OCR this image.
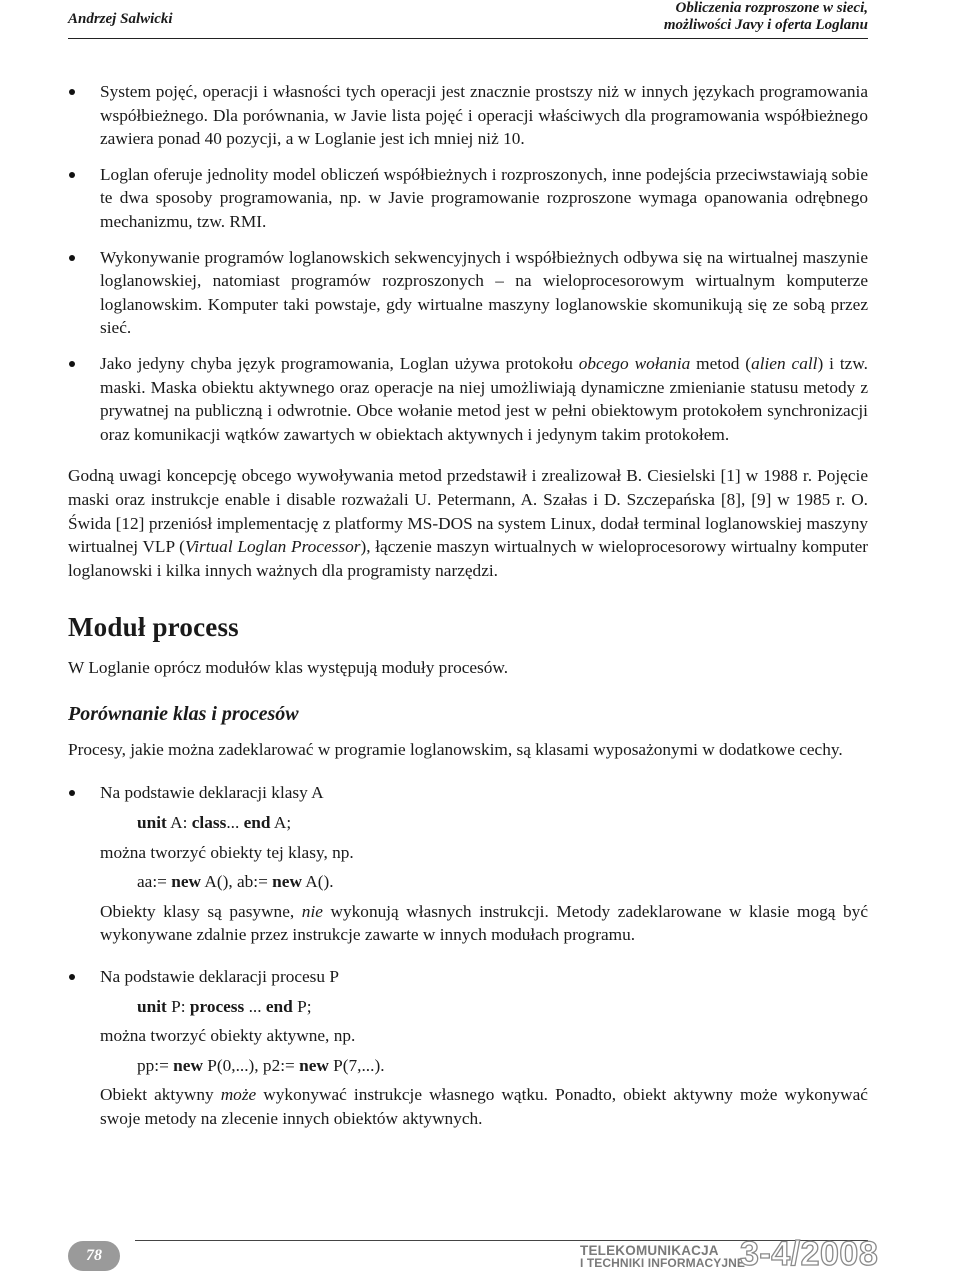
Andrzej Salwicki
Obliczenia rozproszone w sieci,
możliwości Javy i oferta Loglanu
System pojęć, operacji i własności tych operacji jest znacznie prostszy niż w innych językach programowania współbieżnego. Dla porównania, w Javie lista pojęć i operacji właściwych dla programowania współbieżnego zawiera ponad 40 pozycji, a w Loglanie jest ich mniej niż 10.
Loglan oferuje jednolity model obliczeń współbieżnych i rozproszonych, inne podejścia przeciwstawiają sobie te dwa sposoby programowania, np. w Javie programowanie rozproszone wymaga opanowania odrębnego mechanizmu, tzw. RMI.
Wykonywanie programów loglanowskich sekwencyjnych i współbieżnych odbywa się na wirtualnej maszynie loglanowskiej, natomiast programów rozproszonych – na wieloprocesorowym wirtualnym komputerze loglanowskim. Komputer taki powstaje, gdy wirtualne maszyny loglanowskie skomunikują się ze sobą przez sieć.
Jako jedyny chyba język programowania, Loglan używa protokołu obcego wołania metod (alien call) i tzw. maski. Maska obiektu aktywnego oraz operacje na niej umożliwiają dynamiczne zmienianie statusu metody z prywatnej na publiczną i odwrotnie. Obce wołanie metod jest w pełni obiektowym protokołem synchronizacji oraz komunikacji wątków zawartych w obiektach aktywnych i jedynym takim protokołem.

Godną uwagi koncepcję obcego wywoływania metod przedstawił i zrealizował B. Ciesielski [1] w 1988 r. Pojęcie maski oraz instrukcje enable i disable rozważali U. Petermann, A. Szałas i D. Szczepańska [8], [9] w 1985 r. O. Świda [12] przeniósł implementację z platformy MS-DOS na system Linux, dodał terminal loglanowskiej maszyny wirtualnej VLP (Virtual Loglan Processor), łączenie maszyn wirtualnych w wieloprocesorowy wirtualny komputer loglanowski i kilka innych ważnych dla programisty narzędzi.

Moduł process

W Loglanie oprócz modułów klas występują moduły procesów.

Porównanie klas i procesów

Procesy, jakie można zadeklarować w programie loglanowskim, są klasami wyposażonymi w dodatkowe cechy.

Na podstawie deklaracji klasy A

unit A: class... end A;

można tworzyć obiekty tej klasy, np.

aa:= new A(), ab:= new A().

Obiekty klasy są pasywne, nie wykonują własnych instrukcji. Metody zadeklarowane w klasie mogą być wykonywane zdalnie przez instrukcje zawarte w innych modułach programu.

Na podstawie deklaracji procesu P

unit P: process ... end P;

można tworzyć obiekty aktywne, np.

pp:= new P(0,...), p2:= new P(7,...).

Obiekt aktywny może wykonywać instrukcje własnego wątku. Ponadto, obiekt aktywny może wykonywać swoje metody na zlecenie innych obiektów aktywnych.

78	TELEKOMUNIKACJA
I TECHNIKI INFORMACYJNE
3-4/2008
